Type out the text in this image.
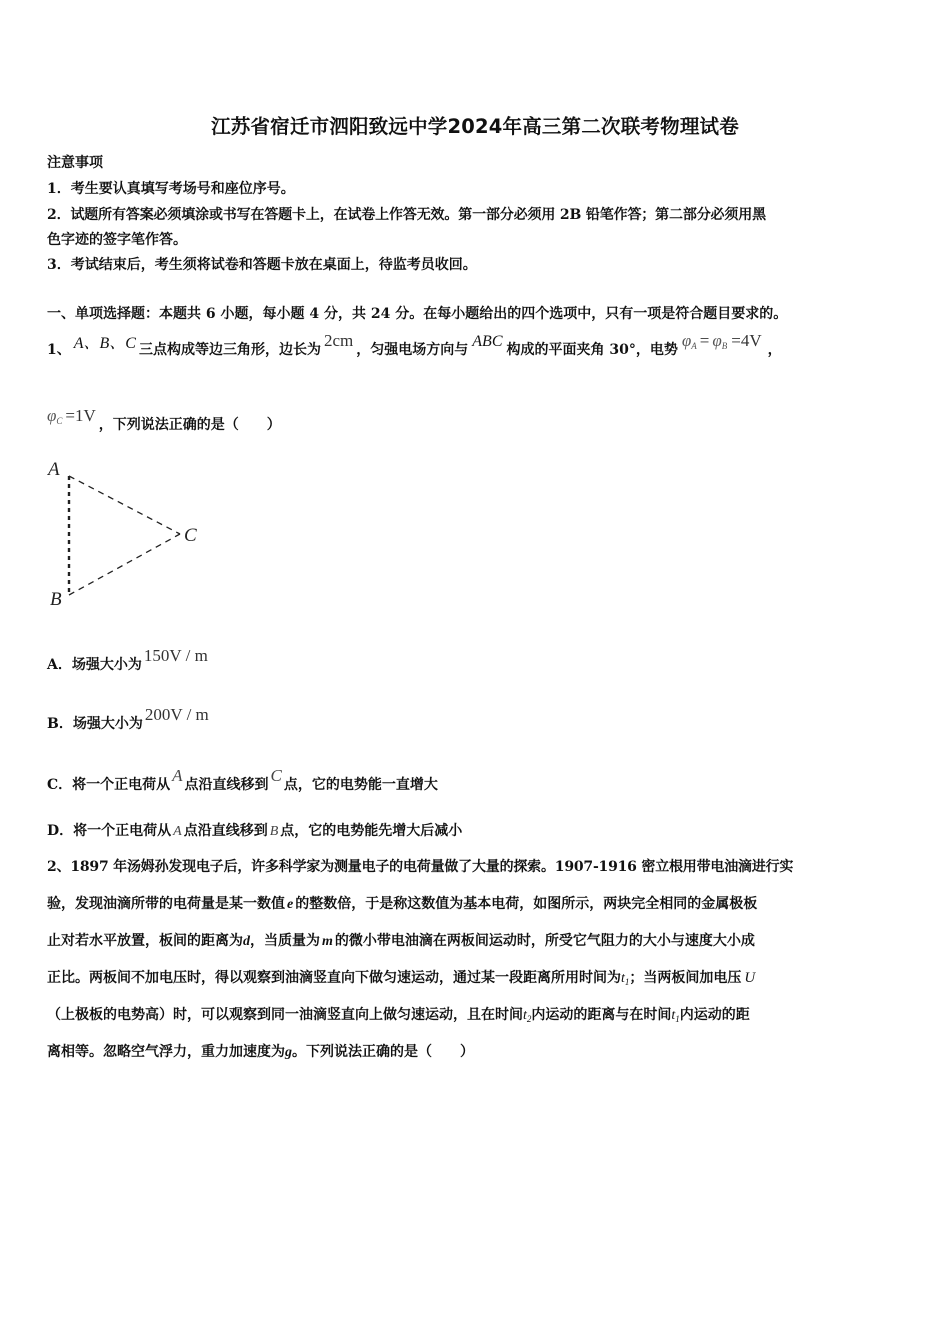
江苏省宿迁市泗阳致远中学2024年高三第二次联考物理试卷
注意事项
1．考生要认真填写考场号和座位序号。
2．试题所有答案必须填涂或书写在答题卡上，在试卷上作答无效。第一部分必须用 2B 铅笔作答；第二部分必须用黑
色字迹的签字笔作答。
3．考试结束后，考生须将试卷和答题卡放在桌面上，待监考员收回。
一、单项选择题：本题共 6 小题，每小题 4 分，共 24 分。在每小题给出的四个选项中，只有一项是符合题目要求的。
1、 A、B、C 三点构成等边三角形，边长为 2cm ，匀强电场方向与 ABC 构成的平面夹角 30°，电势 φA = φB =4V ，
φC =1V ，下列说法正确的是（　　）
A
B
C
A．场强大小为 150V / m
B．场强大小为 200V / m
C．将一个正电荷从 A 点沿直线移到 C 点，它的电势能一直增大
D．将一个正电荷从 A 点沿直线移到 B 点，它的电势能先增大后减小
2、1897 年汤姆孙发现电子后，许多科学家为测量电子的电荷量做了大量的探索。1907-1916 密立根用带电油滴进行实
验，发现油滴所带的电荷量是某一数值 e 的整数倍，于是称这数值为基本电荷，如图所示，两块完全相同的金属极板
止对若水平放置，板间的距离为d，当质量为 m 的微小带电油滴在两板间运动时，所受它气阻力的大小与速度大小成
正比。两板间不加电压时，得以观察到油滴竖直向下做匀速运动，通过某一段距离所用时间为$t_1$；当两板间加电压 U
（上极板的电势高）时，可以观察到同一油滴竖直向上做匀速运动，且在时间$t_2$内运动的距离与在时间$t_1$内运动的距
离相等。忽略空气浮力，重力加速度为g。下列说法正确的是（　　）
